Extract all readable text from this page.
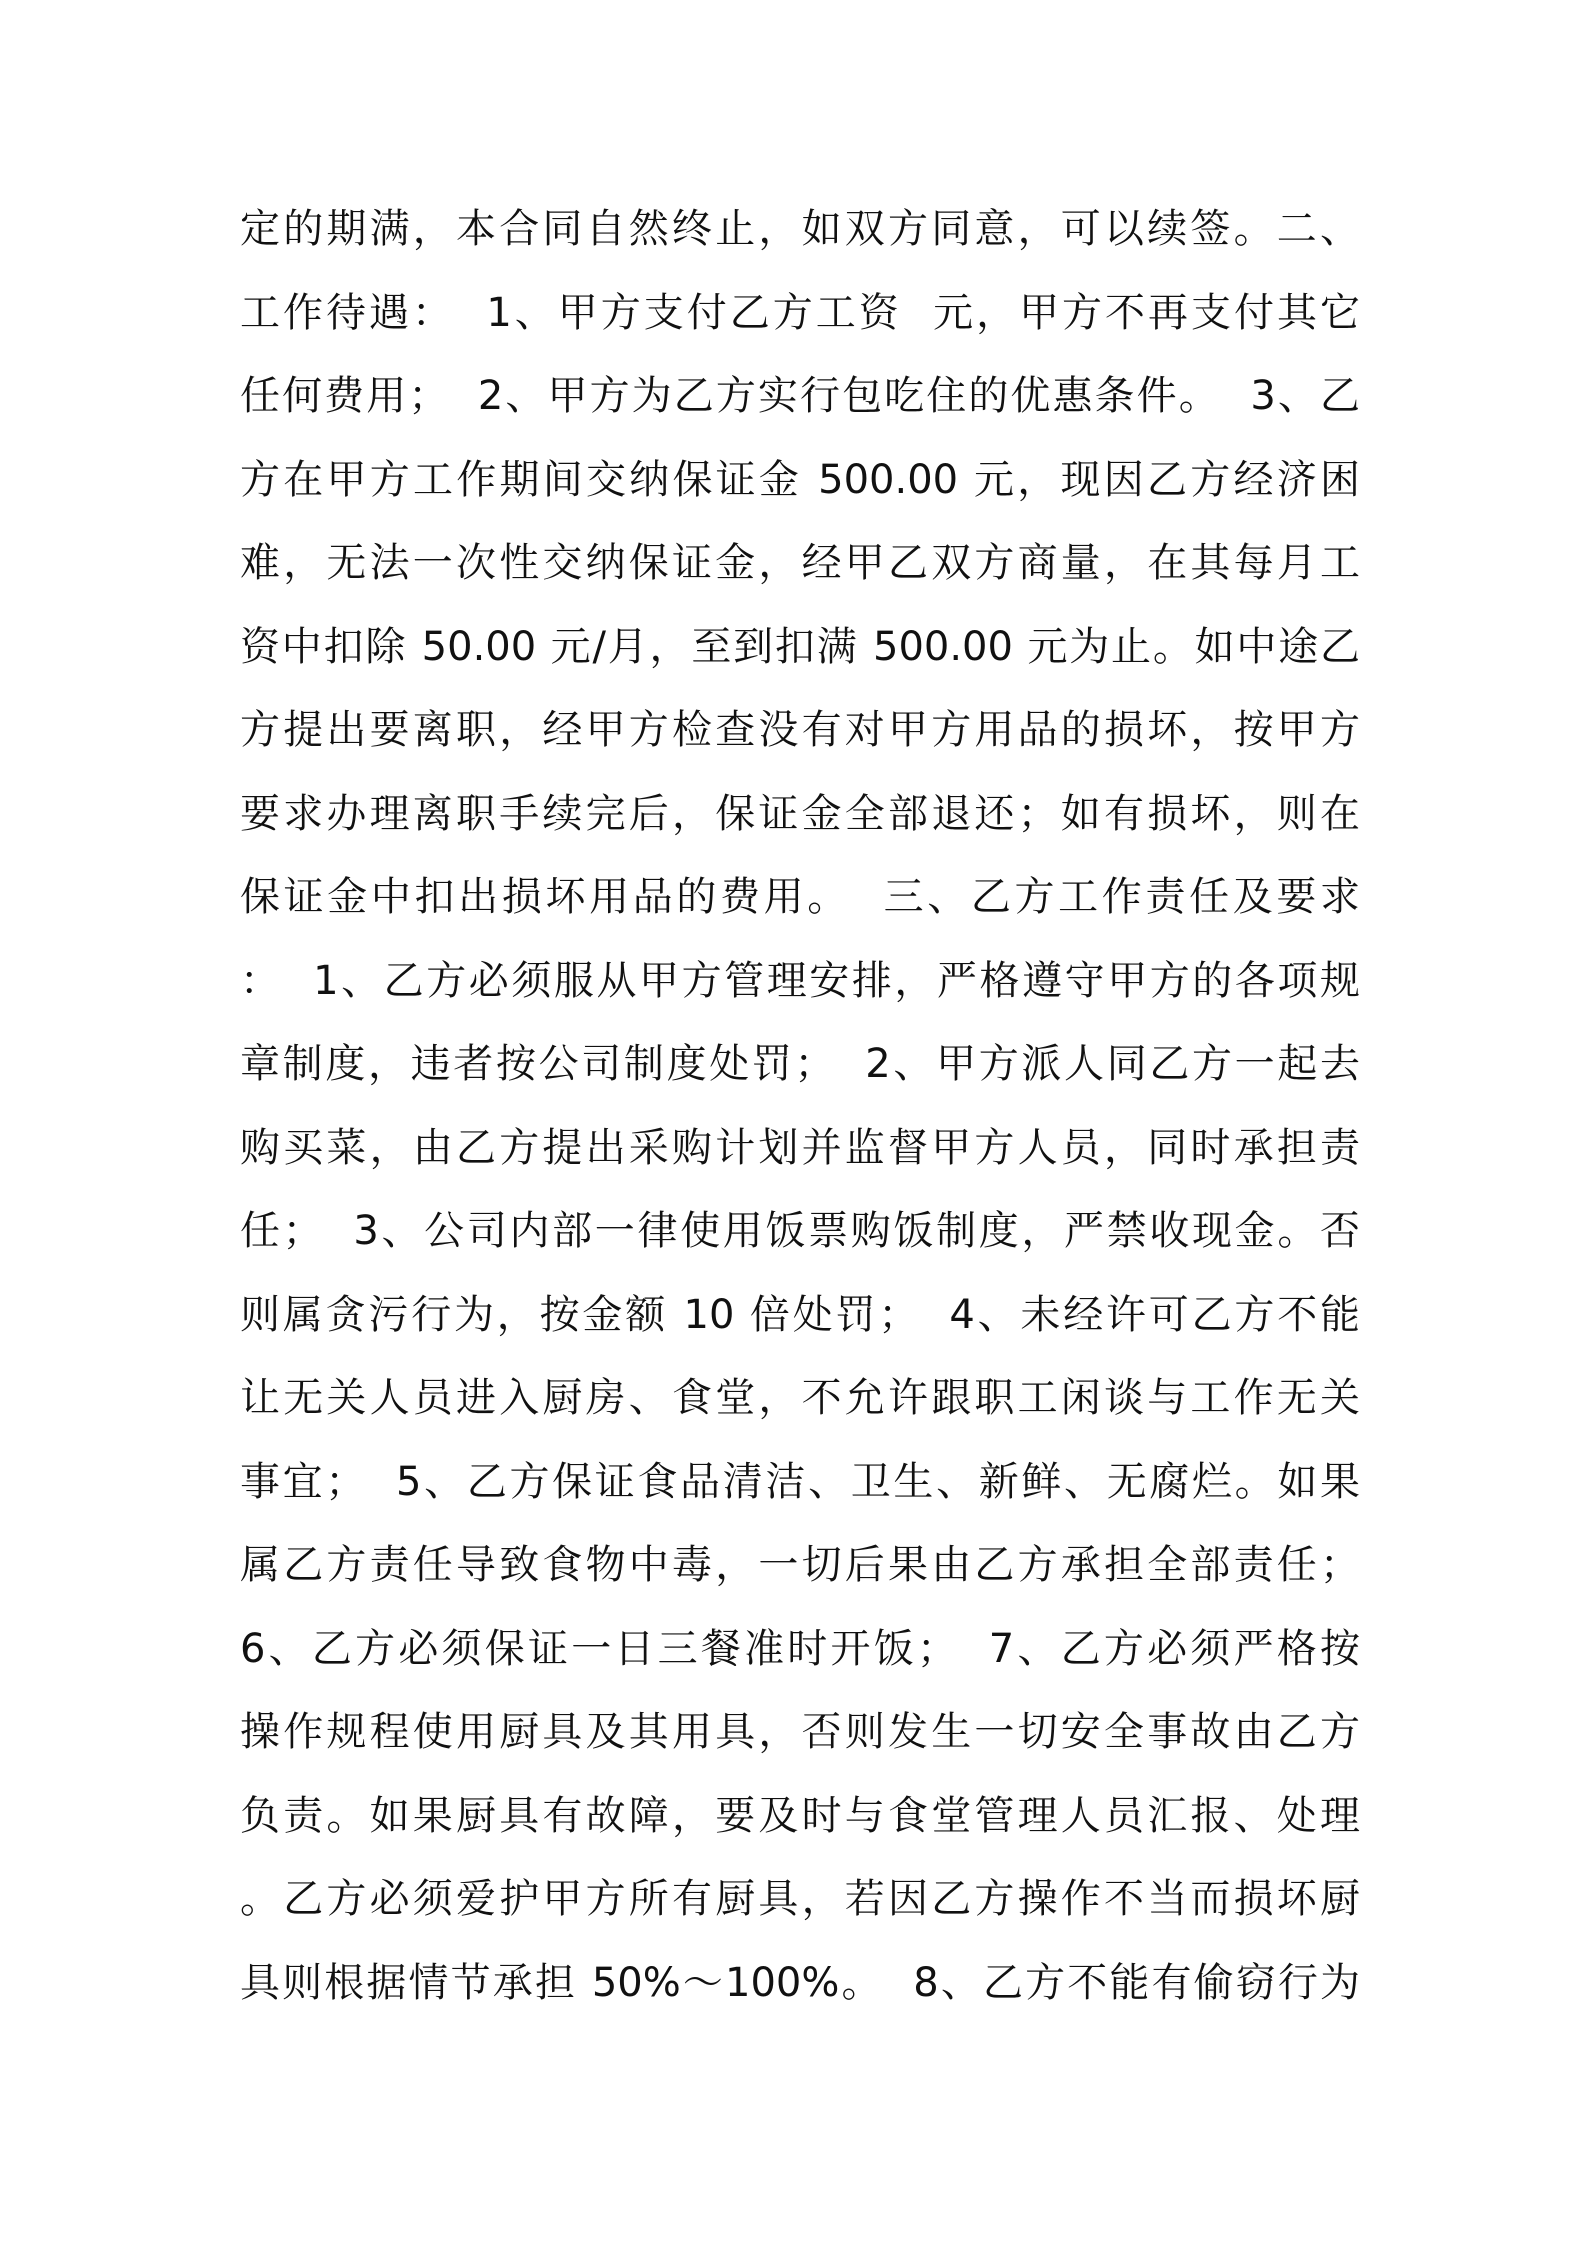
定的期满，本合同自然终止，如双方同意，可以续签。二、
工作待遇：  1、甲方支付乙方工资  元，甲方不再支付其它
任何费用；  2、甲方为乙方实行包吃住的优惠条件。  3、乙
方在甲方工作期间交纳保证金 500.00 元，现因乙方经济困
难，无法一次性交纳保证金，经甲乙双方商量，在其每月工
资中扣除 50.00 元/月，至到扣满 500.00 元为止。如中途乙
方提出要离职，经甲方检查没有对甲方用品的损坏，按甲方
要求办理离职手续完后，保证金全部退还；如有损坏，则在
保证金中扣出损坏用品的费用。  三、乙方工作责任及要求
：  1、乙方必须服从甲方管理安排，严格遵守甲方的各项规
章制度，违者按公司制度处罚；  2、甲方派人同乙方一起去
购买菜，由乙方提出采购计划并监督甲方人员，同时承担责
任；  3、公司内部一律使用饭票购饭制度，严禁收现金。否
则属贪污行为，按金额 10 倍处罚；  4、未经许可乙方不能
让无关人员进入厨房、食堂，不允许跟职工闲谈与工作无关
事宜；  5、乙方保证食品清洁、卫生、新鲜、无腐烂。如果
属乙方责任导致食物中毒，一切后果由乙方承担全部责任；
6、乙方必须保证一日三餐准时开饭；  7、乙方必须严格按
操作规程使用厨具及其用具，否则发生一切安全事故由乙方
负责。如果厨具有故障，要及时与食堂管理人员汇报、处理
。乙方必须爱护甲方所有厨具，若因乙方操作不当而损坏厨
具则根据情节承担 50%～100%。  8、乙方不能有偷窃行为
